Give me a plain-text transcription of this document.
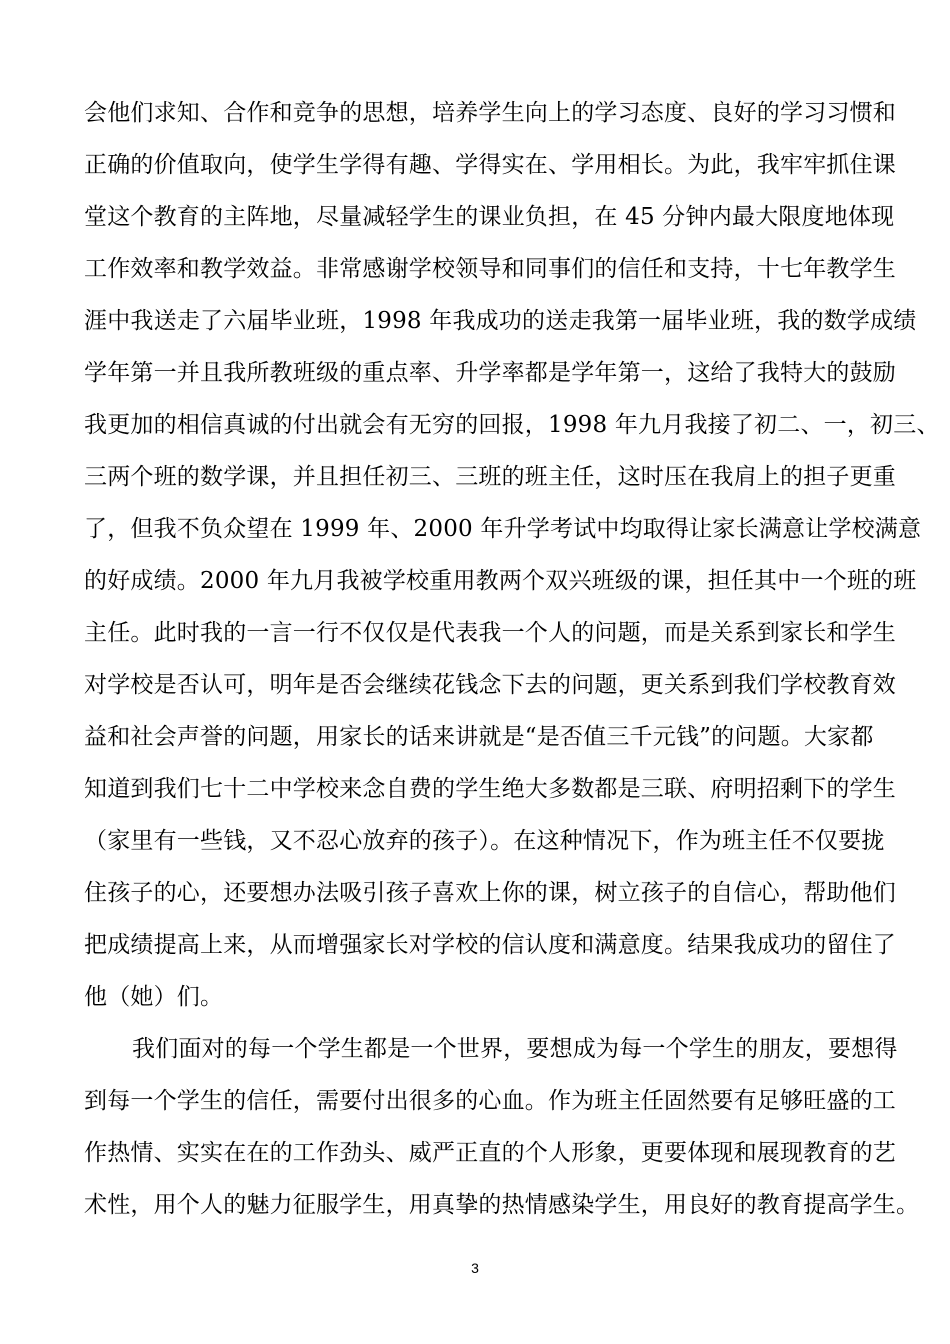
会他们求知、合作和竞争的思想，培养学生向上的学习态度、良好的学习习惯和
正确的价值取向，使学生学得有趣、学得实在、学用相长。为此，我牢牢抓住课
堂这个教育的主阵地，尽量减轻学生的课业负担，在 45 分钟内最大限度地体现
工作效率和教学效益。非常感谢学校领导和同事们的信任和支持，十七年教学生
涯中我送走了六届毕业班，1998 年我成功的送走我第一届毕业班，我的数学成绩
学年第一并且我所教班级的重点率、升学率都是学年第一，这给了我特大的鼓励
我更加的相信真诚的付出就会有无穷的回报，1998 年九月我接了初二、一，初三、
三两个班的数学课，并且担任初三、三班的班主任，这时压在我肩上的担子更重
了，但我不负众望在 1999 年、2000 年升学考试中均取得让家长满意让学校满意
的好成绩。2000 年九月我被学校重用教两个双兴班级的课，担任其中一个班的班
主任。此时我的一言一行不仅仅是代表我一个人的问题，而是关系到家长和学生
对学校是否认可，明年是否会继续花钱念下去的问题，更关系到我们学校教育效
益和社会声誉的问题，用家长的话来讲就是“是否值三千元钱”的问题。大家都
知道到我们七十二中学校来念自费的学生绝大多数都是三联、府明招剩下的学生
（家里有一些钱，又不忍心放弃的孩子）。在这种情况下，作为班主任不仅要拢
住孩子的心，还要想办法吸引孩子喜欢上你的课，树立孩子的自信心，帮助他们
把成绩提高上来，从而增强家长对学校的信认度和满意度。结果我成功的留住了
他（她）们。
我们面对的每一个学生都是一个世界，要想成为每一个学生的朋友，要想得
到每一个学生的信任，需要付出很多的心血。作为班主任固然要有足够旺盛的工
作热情、实实在在的工作劲头、威严正直的个人形象，更要体现和展现教育的艺
术性，用个人的魅力征服学生，用真挚的热情感染学生，用良好的教育提高学生。
3
